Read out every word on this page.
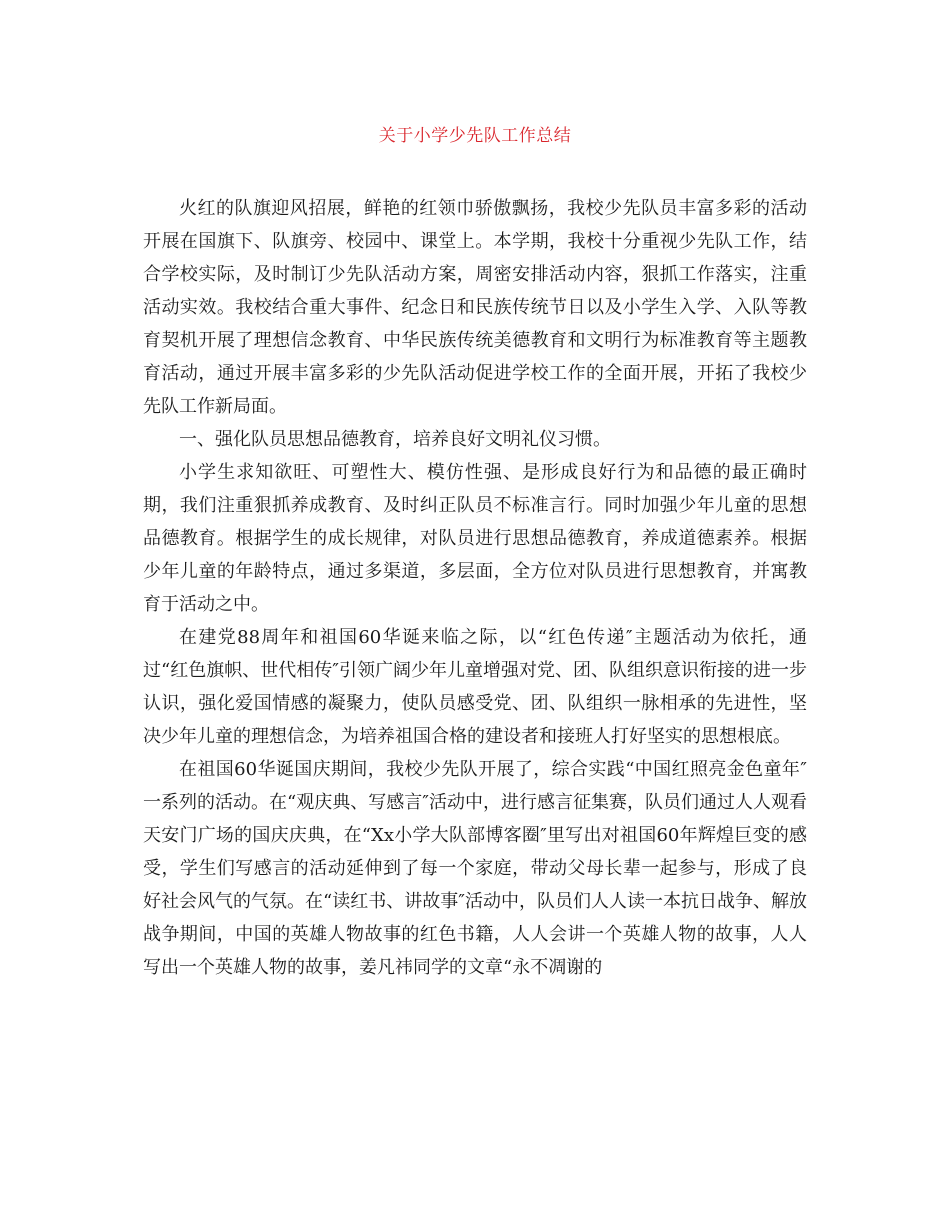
关于小学少先队工作总结

火红的队旗迎风招展，鲜艳的红领巾骄傲飘扬，我校少先队员丰富多彩的活动开展在国旗下、队旗旁、校园中、课堂上。本学期，我校十分重视少先队工作，结合学校实际，及时制订少先队活动方案，周密安排活动内容，狠抓工作落实，注重活动实效。我校结合重大事件、纪念日和民族传统节日以及小学生入学、入队等教育契机开展了理想信念教育、中华民族传统美德教育和文明行为标准教育等主题教育活动，通过开展丰富多彩的少先队活动促进学校工作的全面开展，开拓了我校少先队工作新局面。

一、强化队员思想品德教育，培养良好文明礼仪习惯。

小学生求知欲旺、可塑性大、模仿性强、是形成良好行为和品德的最正确时期，我们注重狠抓养成教育、及时纠正队员不标准言行。同时加强少年儿童的思想品德教育。根据学生的成长规律，对队员进行思想品德教育，养成道德素养。根据少年儿童的年龄特点，通过多渠道，多层面，全方位对队员进行思想教育，并寓教育于活动之中。

在建党88周年和祖国60华诞来临之际，以“红色传递″主题活动为依托，通过“红色旗帜、世代相传″引领广阔少年儿童增强对党、团、队组织意识衔接的进一步认识，强化爱国情感的凝聚力，使队员感受党、团、队组织一脉相承的先进性，坚决少年儿童的理想信念，为培养祖国合格的建设者和接班人打好坚实的思想根底。

在祖国60华诞国庆期间，我校少先队开展了，综合实践“中国红照亮金色童年″一系列的活动。在“观庆典、写感言″活动中，进行感言征集赛，队员们通过人人观看天安门广场的国庆庆典，在“Xx小学大队部博客圈″里写出对祖国60年辉煌巨变的感受，学生们写感言的活动延伸到了每一个家庭，带动父母长辈一起参与，形成了良好社会风气的气氛。在“读红书、讲故事″活动中，队员们人人读一本抗日战争、解放战争期间，中国的英雄人物故事的红色书籍，人人会讲一个英雄人物的故事，人人写出一个英雄人物的故事，姜凡祎同学的文章“永不凋谢的
